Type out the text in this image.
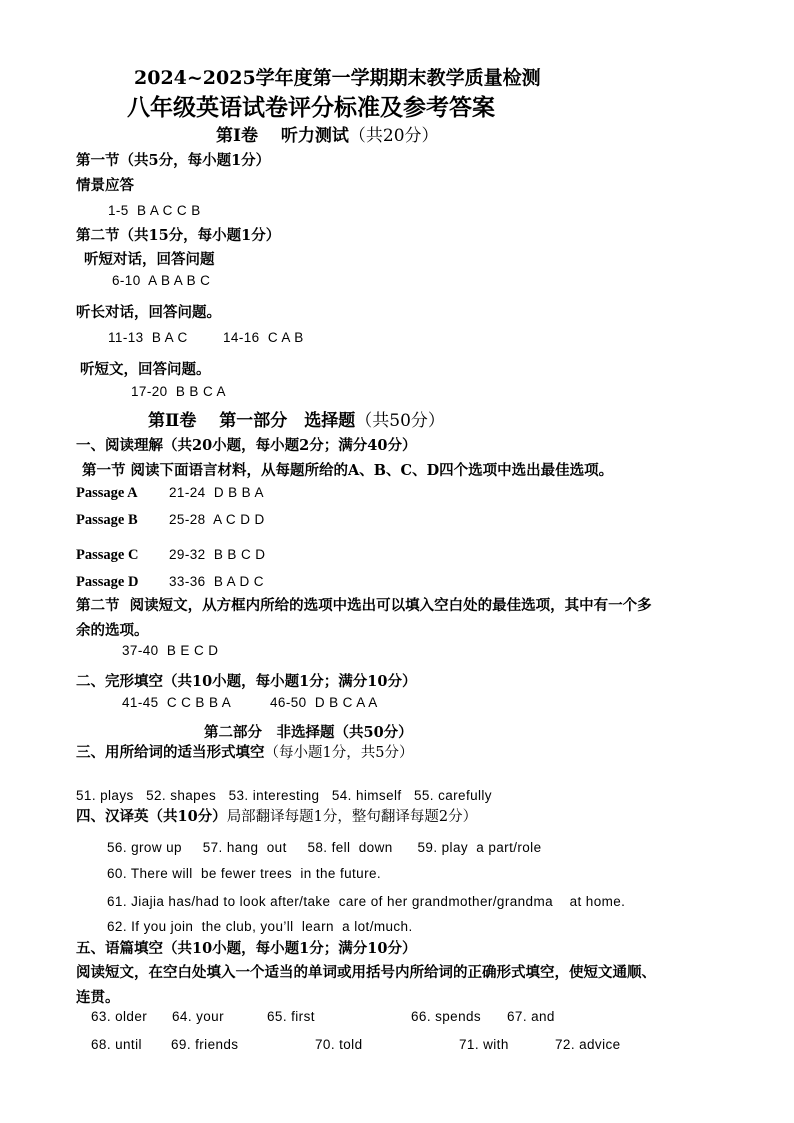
2024~2025学年度第一学期期末教学质量检测
八年级英语试卷评分标准及参考答案
第Ⅰ卷　 听力测试（共20分）
第一节（共5分，每小题1分）
情景应答
1-5  B A C C B
第二节（共15分，每小题1分）
听短对话，回答问题
6-10  A B A B C
听长对话，回答问题。
11-13  B A C	14-16  C A B
听短文，回答问题。
17-20  B B C A
第Ⅱ卷　 第一部分　选择题（共50分）
一、阅读理解（共20小题，每小题2分；满分40分）
第一节 阅读下面语言材料，从每题所给的A、B、C、D四个选项中选出最佳选项。
Passage A 21-24  D B B A
Passage B 25-28  A C D D
Passage C 29-32  B B C D
Passage D 33-36  B A D C
第二节  阅读短文，从方框内所给的选项中选出可以填入空白处的最佳选项，其中有一个多
余的选项。
37-40  B E C D
二、完形填空（共10小题，每小题1分；满分10分）
41-45  C C B B A	46-50  D B C A A
第二部分　非选择题（共50分）
三、用所给词的适当形式填空（每小题1分，共5分）
51. plays   52. shapes   53. interesting   54. himself   55. carefully
四、汉译英（共10分）局部翻译每题1分，整句翻译每题2分）
56. grow up     57. hang  out     58. fell  down      59. play  a part/role
60. There will  be fewer trees  in the future.
61. Jiajia has/had to look after/take  care of her grandmother/grandma    at home.
62. If you join  the club, you’ll  learn  a lot/much.
五、语篇填空（共10小题，每小题1分；满分10分）
阅读短文，在空白处填入一个适当的单词或用括号内所给词的正确形式填空，使短文通顺、
连贯。
63. older 64. your	65. first	66. spends 67. and
68. until 69. friends	70. told	71. with	72. advice
